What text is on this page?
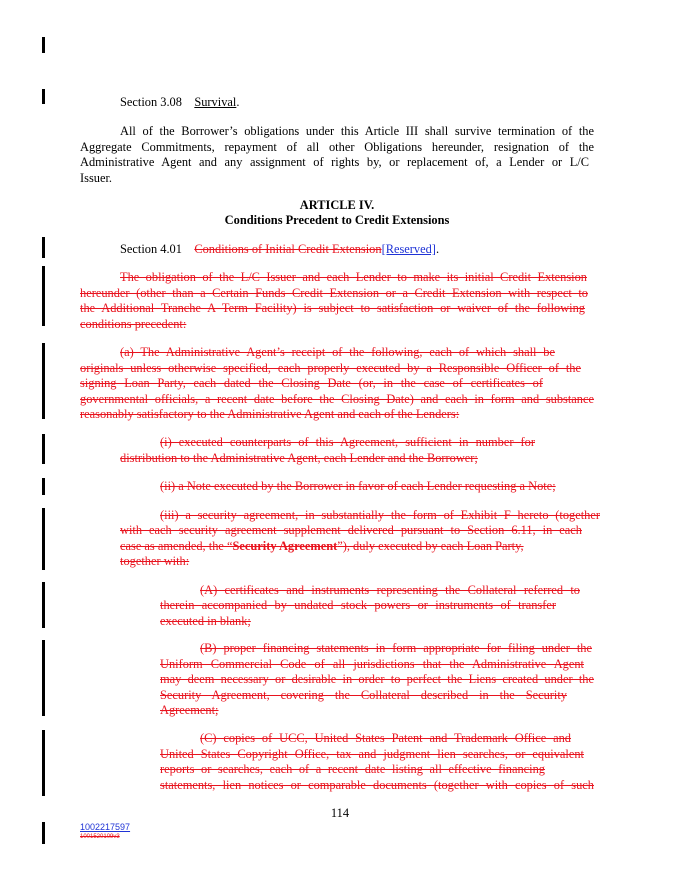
Section 3.08 Survival.
All of the Borrower’s obligations under this Article III shall survive termination of the
Aggregate Commitments, repayment of all other Obligations hereunder, resignation of the
Administrative Agent and any assignment of rights by, or replacement of, a Lender or L/C
Issuer.
ARTICLE IV.
Conditions Precedent to Credit Extensions
Section 4.01 Conditions of Initial Credit Extension[Reserved].
The obligation of the L/C Issuer and each Lender to make its initial Credit Extension
hereunder (other than a Certain Funds Credit Extension or a Credit Extension with respect to
the Additional Tranche A Term Facility) is subject to satisfaction or waiver of the following
conditions precedent:
(a) The Administrative Agent’s receipt of the following, each of which shall be
originals unless otherwise specified, each properly executed by a Responsible Officer of the
signing Loan Party, each dated the Closing Date (or, in the case of certificates of
governmental officials, a recent date before the Closing Date) and each in form and substance
reasonably satisfactory to the Administrative Agent and each of the Lenders:
(i) executed counterparts of this Agreement, sufficient in number for
distribution to the Administrative Agent, each Lender and the Borrower;
(ii) a Note executed by the Borrower in favor of each Lender requesting a Note;
(iii) a security agreement, in substantially the form of Exhibit F hereto (together
with each security agreement supplement delivered pursuant to Section 6.11, in each
case as amended, the “Security Agreement”), duly executed by each Loan Party,
together with:
(A) certificates and instruments representing the Collateral referred to
therein accompanied by undated stock powers or instruments of transfer
executed in blank;
(B) proper financing statements in form appropriate for filing under the
Uniform Commercial Code of all jurisdictions that the Administrative Agent
may deem necessary or desirable in order to perfect the Liens created under the
Security Agreement, covering the Collateral described in the Security
Agreement;
(C) copies of UCC, United States Patent and Trademark Office and
United States Copyright Office, tax and judgment lien searches, or equivalent
reports or searches, each of a recent date listing all effective financing
statements, lien notices or comparable documents (together with copies of such
114
1002217597
1001520109v3
